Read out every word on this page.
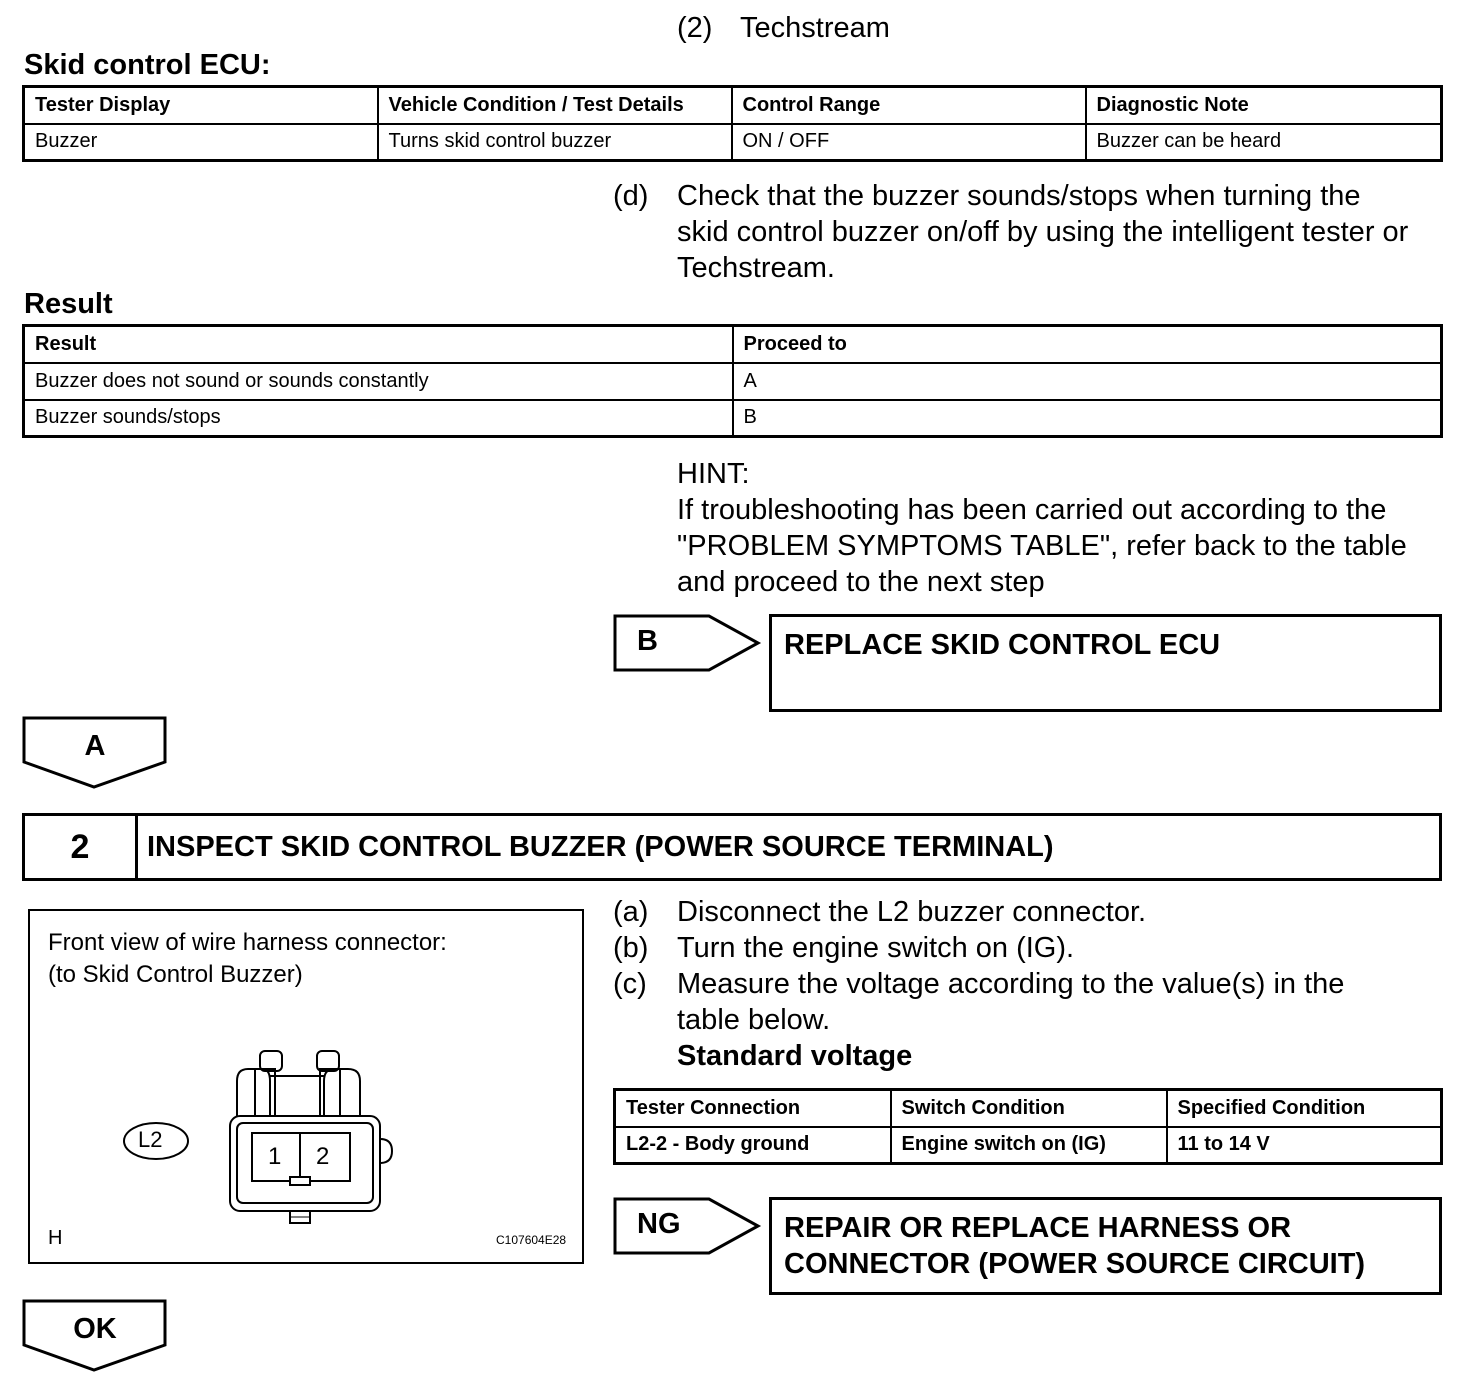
(2) Techstream
Skid control ECU:
Tester Display	Vehicle Condition / Test Details	Control Range	Diagnostic Note
Buzzer	Turns skid control buzzer	ON / OFF	Buzzer can be heard
(d) Check that the buzzer sounds/stops when turning the
skid control buzzer on/off by using the intelligent tester or
Techstream.
Result
Result	Proceed to
Buzzer does not sound or sounds constantly	A
Buzzer sounds/stops	B
HINT:
If troubleshooting has been carried out according to the
"PROBLEM SYMPTOMS TABLE", refer back to the table
and proceed to the next step
B	REPLACE SKID CONTROL ECU
A
2	INSPECT SKID CONTROL BUZZER (POWER SOURCE TERMINAL)
Front view of wire harness connector:
(to Skid Control Buzzer)
L2
1 2
H	C107604E28
(a) Disconnect the L2 buzzer connector.
(b) Turn the engine switch on (IG).
(c) Measure the voltage according to the value(s) in the
table below.
Standard voltage
Tester Connection	Switch Condition	Specified Condition
L2-2 - Body ground	Engine switch on (IG)	11 to 14 V
NG	REPAIR OR REPLACE HARNESS OR
CONNECTOR (POWER SOURCE CIRCUIT)
OK
